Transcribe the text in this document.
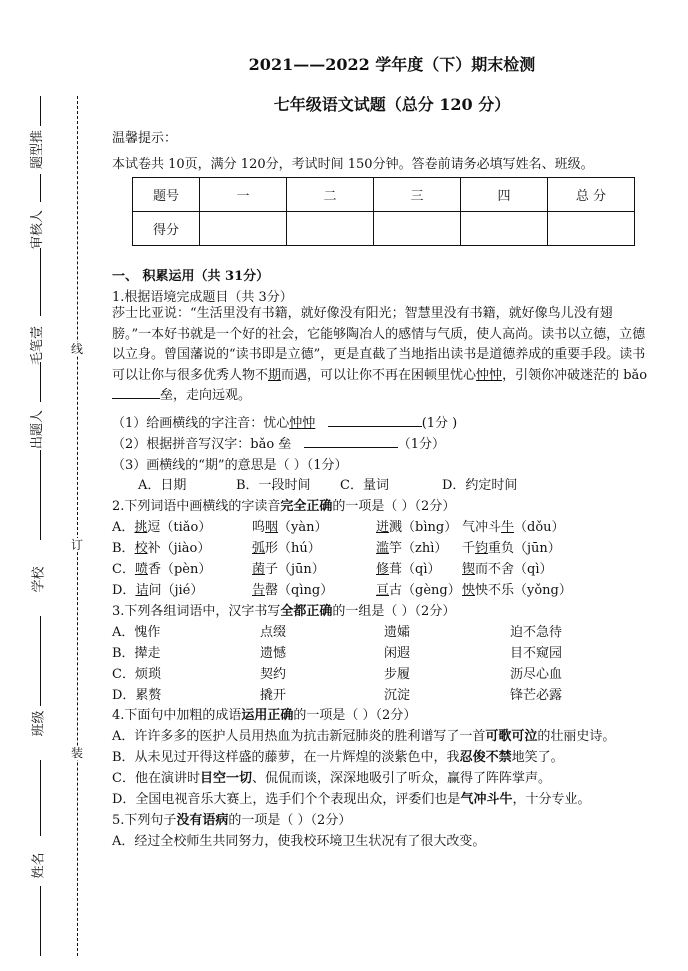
题型推
审核人
毛笔壹
出题人
学校
班级
姓名
线
订
装
2021——2022 学年度（下）期末检测
七年级语文试题（总分 120 分）
温馨提示：
本试卷共 10页，满分 120分，考试时间 150分钟。答卷前请务必填写姓名、班级。
题号	一	二	三	四	总 分
得分					
一、 积累运用（共 31分）
1.根据语境完成题目（共 3分）
莎士比亚说：“生活里没有书籍，就好像没有阳光；智慧里没有书籍，就好像鸟儿没有翅膀。”一本好书就是一个好的社会，它能够陶冶人的感情与气质，使人高尚。读书以立德，立德以立身。曾国藩说的“读书即是立德”，更是直截了当地指出读书是道德养成的重要手段。读书可以让你与很多优秀人物不期而遇，可以让你不再在困顿里忧心忡忡，引领你冲破迷茫的 bǎo垒，走向远观。
（1）给画横线的字注音：忧心忡忡	(1分 )
（2）根据拼音写汉字：bǎo 垒	（1分）
（3）画横线的“期”的意思是（ ）（1分）
A．日期	B．一段时间 C．量词	D．约定时间
2.下列词语中画横线的字读音完全正确的一项是（ ）（2分）
A．挑逗（tiǎo）	呜咽（yàn）	迸溅（bìng） 气冲斗牛（dǒu）
B．校补（jiào）	弧形（hú）	滥竽（zhì） 千钧重负（jūn）
C．喷香（pèn）	菌子（jūn）	修葺（qì） 锲而不舍（qì）
D．诘问（jié）	告罄（qìng）	亘古（gèng） 怏怏不乐（yǒng）
3.下列各组词语中，汉字书写全都正确的一组是（ ）（2分）
A．愧作	点缀	遗孀	迫不急待
B．撵走	遗憾	闲遐	目不窥园
C．烦琐	契约	步履	沥尽心血
D．累赘	撬开	沉淀	锋芒必露
4.下面句中加粗的成语运用正确的一项是（ ）（2分）
A．许许多多的医护人员用热血为抗击新冠肺炎的胜利谱写了一首可歌可泣的壮丽史诗。
B．从未见过开得这样盛的藤萝，在一片辉煌的淡紫色中，我忍俊不禁地笑了。
C．他在演讲时目空一切、侃侃而谈，深深地吸引了听众，赢得了阵阵掌声。
D．全国电视音乐大赛上，选手们个个表现出众，评委们也是气冲斗牛，十分专业。
5.下列句子没有语病的一项是（ ）（2分）
A．经过全校师生共同努力，使我校环境卫生状况有了很大改变。
